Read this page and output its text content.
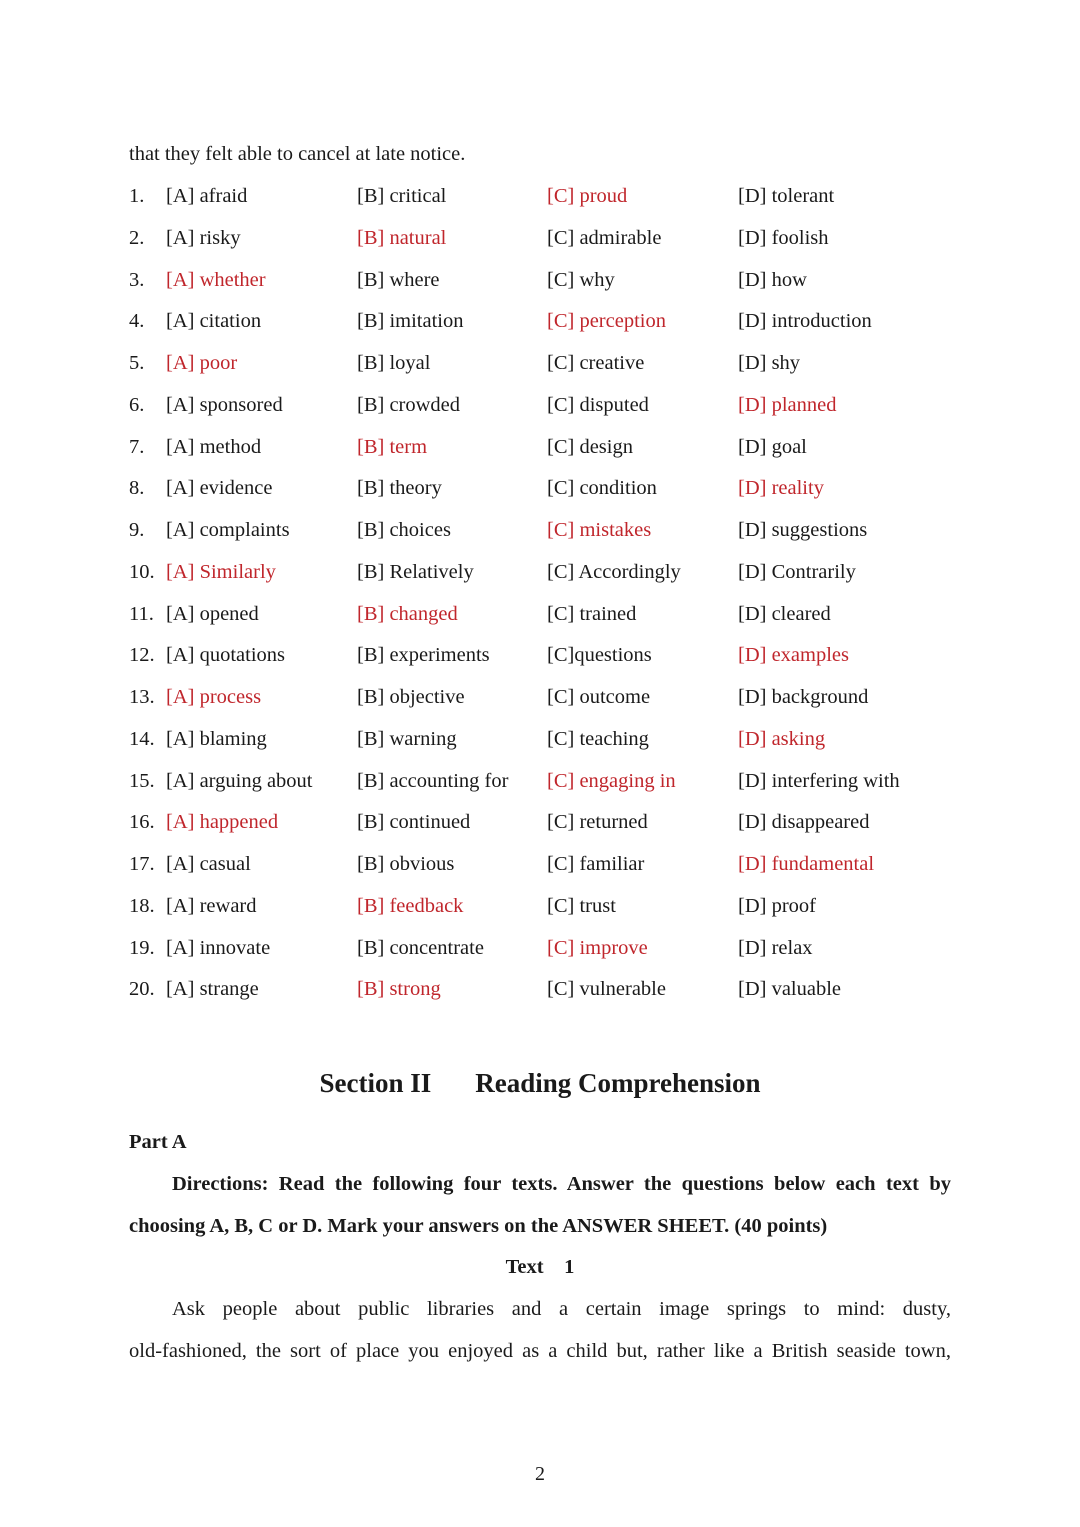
that they felt able to cancel at late notice.
1. [A] afraid	[B] critical	[C] proud	[D] tolerant
2. [A] risky	[B] natural	[C] admirable	[D] foolish
3. [A] whether	[B] where	[C] why	[D] how
4. [A] citation	[B] imitation	[C] perception	[D] introduction
5. [A] poor	[B] loyal	[C] creative	[D] shy
6. [A] sponsored	[B] crowded	[C] disputed	[D] planned
7. [A] method	[B] term	[C] design	[D] goal
8. [A] evidence	[B] theory	[C] condition	[D] reality
9. [A] complaints	[B] choices	[C] mistakes	[D] suggestions
10. [A] Similarly	[B] Relatively	[C] Accordingly	[D] Contrarily
11. [A] opened	[B] changed	[C] trained	[D] cleared
12. [A] quotations	[B] experiments	[C]questions	[D] examples
13. [A] process	[B] objective	[C] outcome	[D] background
14. [A] blaming	[B] warning	[C] teaching	[D] asking
15. [A] arguing about [B] accounting for [C] engaging in	[D] interfering with
16. [A] happened	[B] continued	[C] returned	[D] disappeared
17. [A] casual	[B] obvious	[C] familiar	[D] fundamental
18. [A] reward	[B] feedback	[C] trust	[D] proof
19. [A] innovate	[B] concentrate	[C] improve	[D] relax
20. [A] strange	[B] strong	[C] vulnerable	[D] valuable
Section II Reading Comprehension
Part A
Directions: Read the following four texts. Answer the questions below each text by
choosing A, B, C or D. Mark your answers on the ANSWER SHEET. (40 points)
Text    1
Ask people about public libraries and a certain image springs to mind: dusty,
old-fashioned, the sort of place you enjoyed as a child but, rather like a British seaside town,
2
